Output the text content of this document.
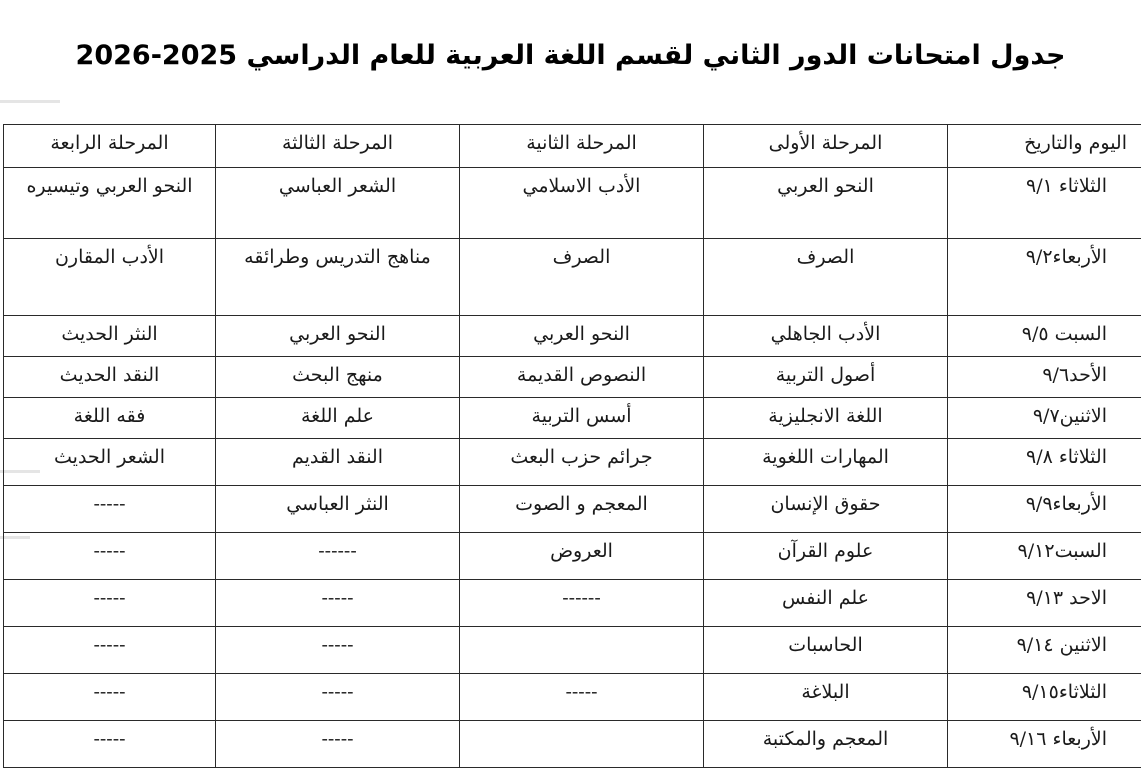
جدول امتحانات الدور الثاني لقسم اللغة العربية للعام الدراسي 2025-2026
اليوم والتاريخ	المرحلة الأولى	المرحلة الثانية	المرحلة الثالثة	المرحلة الرابعة
الثلاثاء ٩/١	النحو العربي	الأدب الاسلامي	الشعر العباسي	النحو العربي وتيسيره
الأربعاء٩/٢	الصرف	الصرف	مناهج التدريس وطرائقه	الأدب المقارن
السبت ٩/٥	الأدب الجاهلي	النحو العربي	النحو العربي	النثر الحديث
الأحد٩/٦	أصول التربية	النصوص القديمة	منهج البحث	النقد الحديث
الاثنين٩/٧	اللغة الانجليزية	أسس التربية	علم اللغة	فقه اللغة
الثلاثاء ٩/٨	المهارات اللغوية	جرائم حزب البعث	النقد القديم	الشعر الحديث
الأربعاء٩/٩	حقوق الإنسان	المعجم و الصوت	النثر العباسي	-----
السبت٩/١٢	علوم القرآن	العروض	------	-----
الاحد ٩/١٣	علم النفس	------	-----	-----
الاثنين ٩/١٤	الحاسبات		-----	-----
الثلاثاء٩/١٥	البلاغة	-----	-----	-----
الأربعاء ٩/١٦	المعجم والمكتبة		-----	-----
